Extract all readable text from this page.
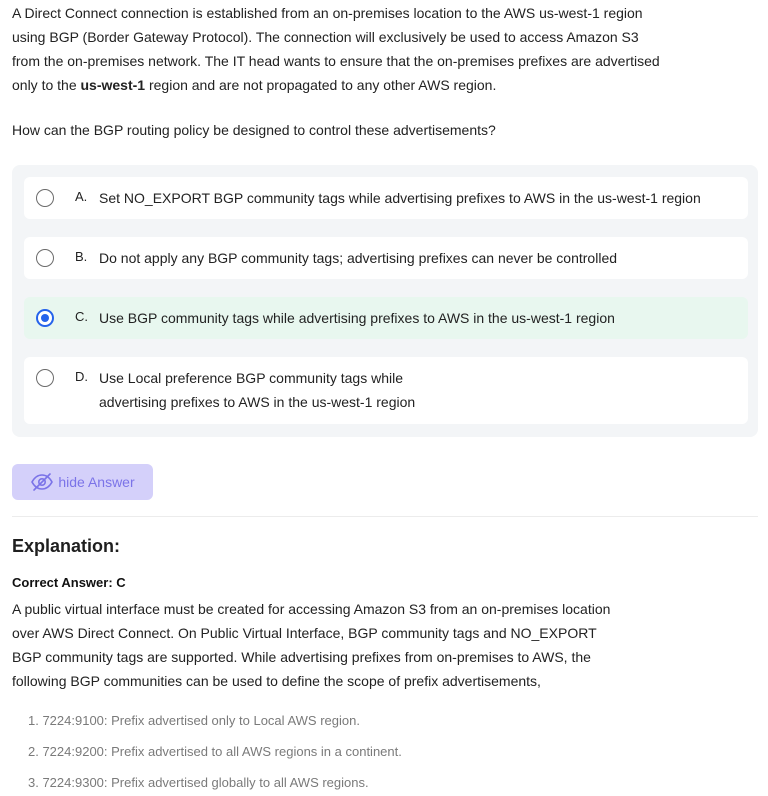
A Direct Connect connection is established from an on-premises location to the AWS us-west-1 region using BGP (Border Gateway Protocol). The connection will exclusively be used to access Amazon S3 from the on-premises network. The IT head wants to ensure that the on-premises prefixes are advertised only to the us-west-1 region and are not propagated to any other AWS region.

How can the BGP routing policy be designed to control these advertisements?

A. Set NO_EXPORT BGP community tags while advertising prefixes to AWS in the us-west-1 region
B. Do not apply any BGP community tags; advertising prefixes can never be controlled
C. Use BGP community tags while advertising prefixes to AWS in the us-west-1 region
D. Use Local preference BGP community tags while
advertising prefixes to AWS in the us-west-1 region
hide Answer
Explanation:

Correct Answer: C

A public virtual interface must be created for accessing Amazon S3 from an on-premises location over AWS Direct Connect. On Public Virtual Interface, BGP community tags and NO_EXPORT BGP community tags are supported. While advertising prefixes from on-premises to AWS, the following BGP communities can be used to define the scope of prefix advertisements,

1. 7224:9100: Prefix advertised only to Local AWS region.
2. 7224:9200: Prefix advertised to all AWS regions in a continent.
3. 7224:9300: Prefix advertised globally to all AWS regions.
